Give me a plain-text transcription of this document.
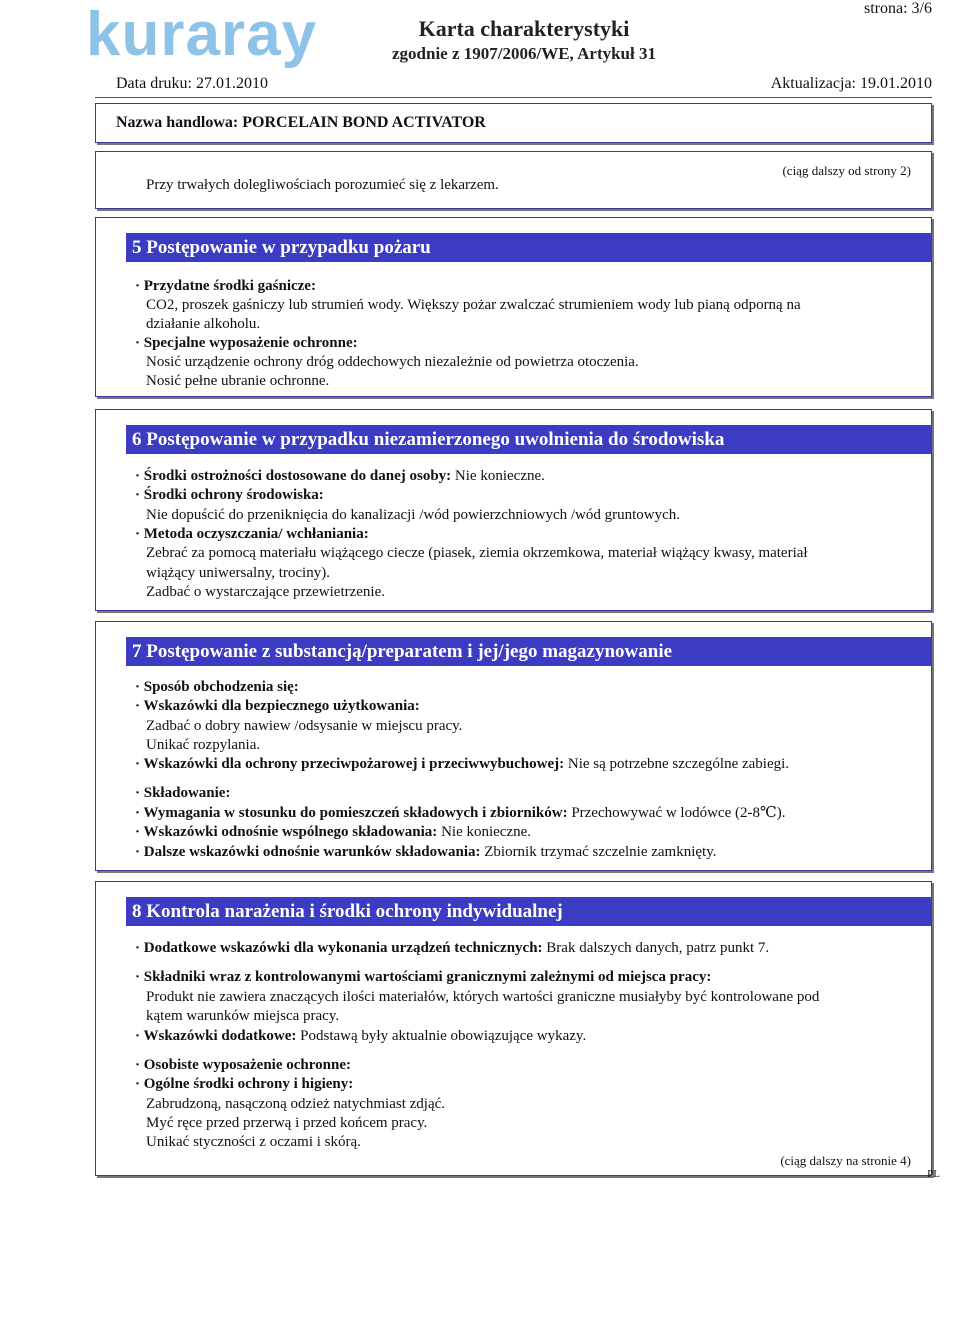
kuraray	strona: 3/6
Karta charakterystyki
zgodnie z 1907/2006/WE, Artykuł 31
Data druku: 27.01.2010	Aktualizacja: 19.01.2010
Nazwa handlowa: PORCELAIN BOND ACTIVATOR
(ciąg dalszy od strony 2)
Przy trwałych dolegliwościach porozumieć się z lekarzem.
5 Postępowanie w przypadku pożaru
· Przydatne środki gaśnicze:
CO2, proszek gaśniczy lub strumień wody. Większy pożar zwalczać strumieniem wody lub pianą odporną na
działanie alkoholu.
· Specjalne wyposażenie ochronne:
Nosić urządzenie ochrony dróg oddechowych niezależnie od powietrza otoczenia.
Nosić pełne ubranie ochronne.
6 Postępowanie w przypadku niezamierzonego uwolnienia do środowiska
· Środki ostrożności dostosowane do danej osoby: Nie konieczne.
· Środki ochrony środowiska:
Nie dopuścić do przeniknięcia do kanalizacji /wód powierzchniowych /wód gruntowych.
· Metoda oczyszczania/ wchłaniania:
Zebrać za pomocą materiału wiążącego ciecze (piasek, ziemia okrzemkowa, materiał wiążący kwasy, materiał
wiążący uniwersalny, trociny).
Zadbać o wystarczające przewietrzenie.
7 Postępowanie z substancją/preparatem i jej/jego magazynowanie
· Sposób obchodzenia się:
· Wskazówki dla bezpiecznego użytkowania:
Zadbać o dobry nawiew /odsysanie w miejscu pracy.
Unikać rozpylania.
· Wskazówki dla ochrony przeciwpożarowej i przeciwwybuchowej: Nie są potrzebne szczególne zabiegi.
· Składowanie:
· Wymagania w stosunku do pomieszczeń składowych i zbiorników: Przechowywać w lodówce (2-8℃).
· Wskazówki odnośnie wspólnego składowania: Nie konieczne.
· Dalsze wskazówki odnośnie warunków składowania: Zbiornik trzymać szczelnie zamknięty.
8 Kontrola narażenia i środki ochrony indywidualnej
· Dodatkowe wskazówki dla wykonania urządzeń technicznych: Brak dalszych danych, patrz punkt 7.
· Składniki wraz z kontrolowanymi wartościami granicznymi zależnymi od miejsca pracy:
Produkt nie zawiera znaczących ilości materiałów, których wartości graniczne musiałyby być kontrolowane pod
kątem warunków miejsca pracy.
· Wskazówki dodatkowe: Podstawą były aktualnie obowiązujące wykazy.
· Osobiste wyposażenie ochronne:
· Ogólne środki ochrony i higieny:
Zabrudzoną, nasączoną odzież natychmiast zdjąć.
Myć ręce przed przerwą i przed końcem pracy.
Unikać styczności z oczami i skórą.
(ciąg dalszy na stronie 4)
PL
